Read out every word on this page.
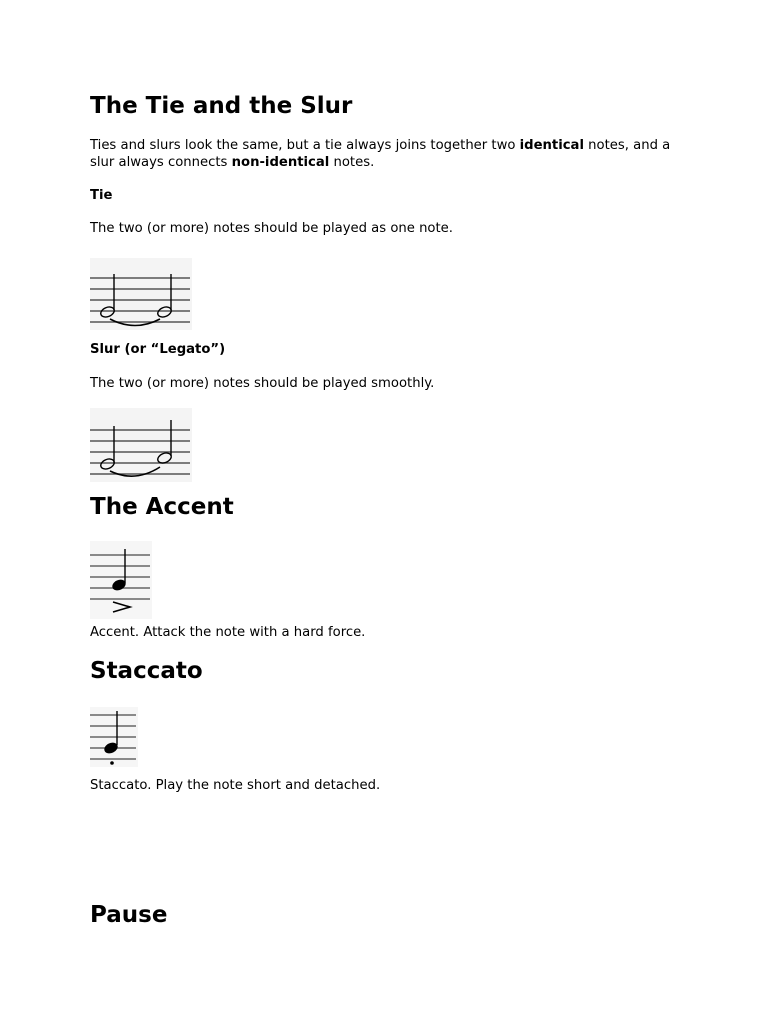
The Tie and the Slur

Ties and slurs look the same, but a tie always joins together two identical notes, and a slur always connects non-identical notes.

Tie

The two (or more) notes should be played as one note.

Slur (or “Legato”)

The two (or more) notes should be played smoothly.

The Accent

Accent. Attack the note with a hard force.

Staccato

Staccato. Play the note short and detached.

Pause
